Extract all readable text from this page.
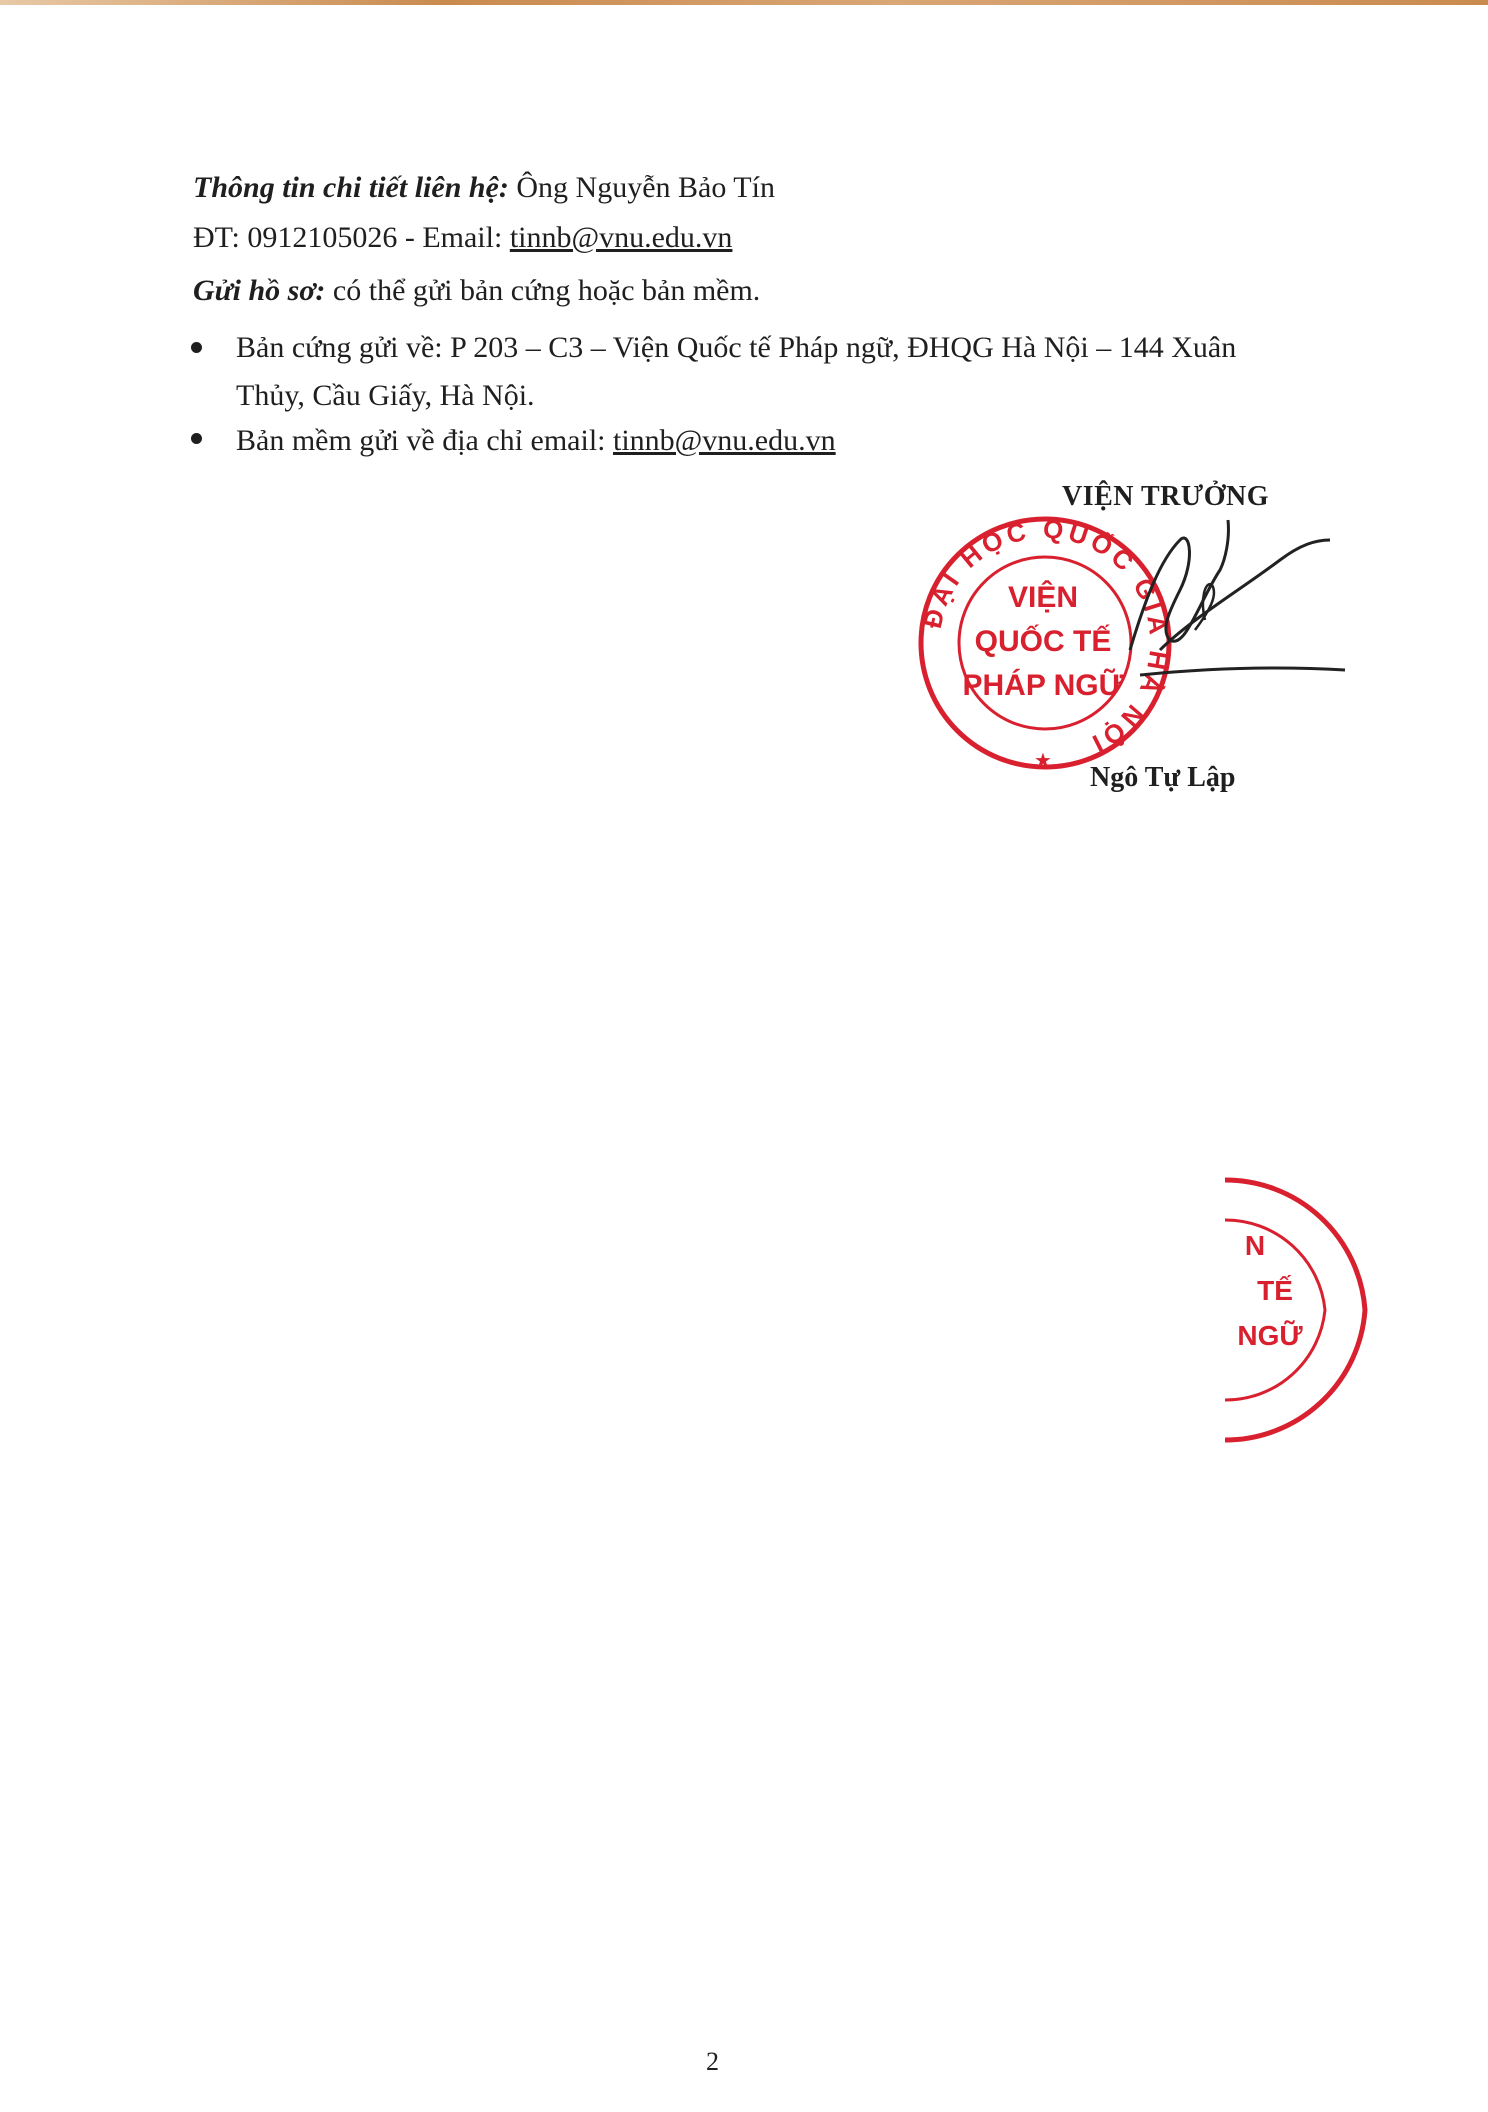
Thông tin chi tiết liên hệ: Ông Nguyễn Bảo Tín
ĐT: 0912105026 - Email: tinnb@vnu.edu.vn
Gửi hồ sơ: có thể gửi bản cứng hoặc bản mềm.
Bản cứng gửi về: P 203 – C3 – Viện Quốc tế Pháp ngữ, ĐHQG Hà Nội – 144 Xuân
Thủy, Cầu Giấy, Hà Nội.
Bản mềm gửi về địa chỉ email: tinnb@vnu.edu.vn
VIỆN TRƯỞNG
ĐẠI HỌC QUỐC GIA HÀ NỘI
VIỆN
QUỐC TẾ
PHÁP NGỮ
★
Ngô Tự Lập
N
TẾ
NGỮ
2
